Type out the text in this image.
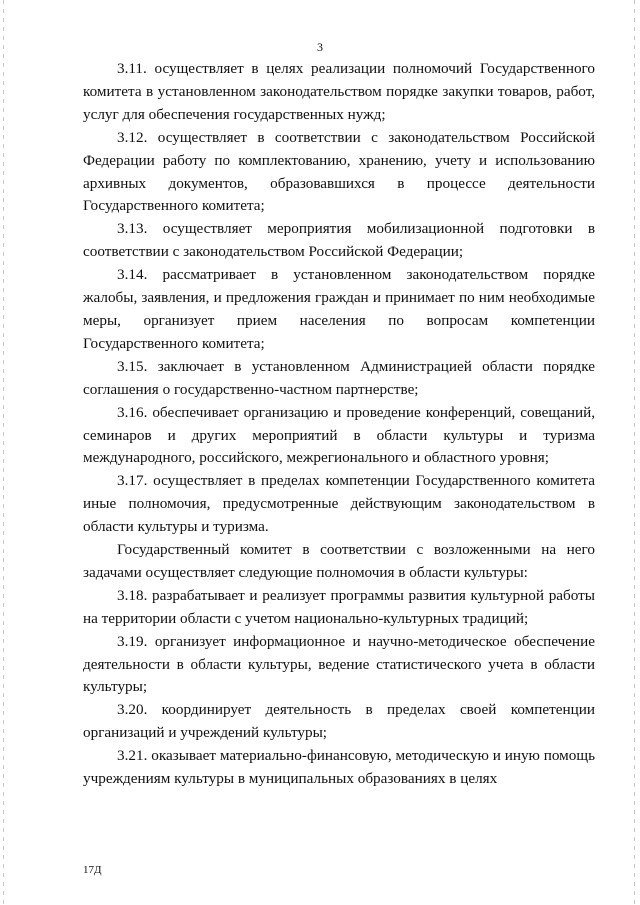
3

3.11. осуществляет в целях реализации полномочий Государственного комитета в установленном законодательством порядке закупки товаров, работ, услуг для обеспечения государственных нужд;

3.12. осуществляет в соответствии с законодательством Российской Федерации работу по комплектованию, хранению, учету и использованию архивных документов, образовавшихся в процессе деятельности Государственного комитета;

3.13. осуществляет мероприятия мобилизационной подготовки в соответствии с законодательством Российской Федерации;

3.14. рассматривает в установленном законодательством порядке жалобы, заявления, и предложения граждан и принимает по ним необходимые меры, организует прием населения по вопросам компетенции Государственного комитета;

3.15. заключает в установленном Администрацией области порядке соглашения о государственно-частном партнерстве;

3.16. обеспечивает организацию и проведение конференций, совещаний, семинаров и других мероприятий в области культуры и туризма международного, российского, межрегионального и областного уровня;

3.17. осуществляет в пределах компетенции Государственного комитета иные полномочия, предусмотренные действующим законодательством в области культуры и туризма.

Государственный комитет в соответствии с возложенными на него задачами осуществляет следующие полномочия в области культуры:

3.18. разрабатывает и реализует программы развития культурной работы на территории области с учетом национально-культурных традиций;

3.19. организует информационное и научно-методическое обеспечение деятельности в области культуры, ведение статистического учета в области культуры;

3.20. координирует деятельность в пределах своей компетенции организаций и учреждений культуры;

3.21. оказывает материально-финансовую, методическую и иную помощь учреждениям культуры в муниципальных образованиях в целях

17Д
